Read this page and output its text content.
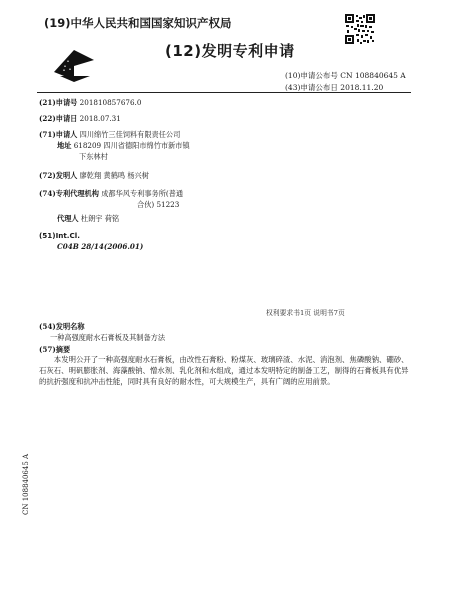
(19)中华人民共和国国家知识产权局
(12)发明专利申请
(10)申请公布号 CN 108840645 A
(43)申请公布日 2018.11.20
(21)申请号 201810857676.0
(22)申请日 2018.07.31
(71)申请人 四川绵竹三佳饲料有限责任公司
地址 618209 四川省德阳市绵竹市新市镇
下东林村
(72)发明人 廖乾翔 黄鹤鸣 杨兴树
(74)专利代理机构 成都华风专利事务所(普通
合伙) 51223
代理人 杜朗宇 荷铭
(51)Int.Cl.
C04B 28/14(2006.01)
权利要求书1页 说明书7页
(54)发明名称
一种高强度耐水石膏板及其制备方法
(57)摘要
本发明公开了一种高强度耐水石膏板，由改性石膏粉、粉煤灰、玻璃碎渣、水泥、消泡剂、焦磷酸钠、硼砂、石灰石、明矾膨胀剂、海藻酸钠、憎水剂、乳化剂和水组成，通过本发明特定的制备工艺，制得的石膏板具有优异的抗折强度和抗冲击性能，同时具有良好的耐水性，可大规模生产，具有广阔的应用前景。
CN 108840645 A
